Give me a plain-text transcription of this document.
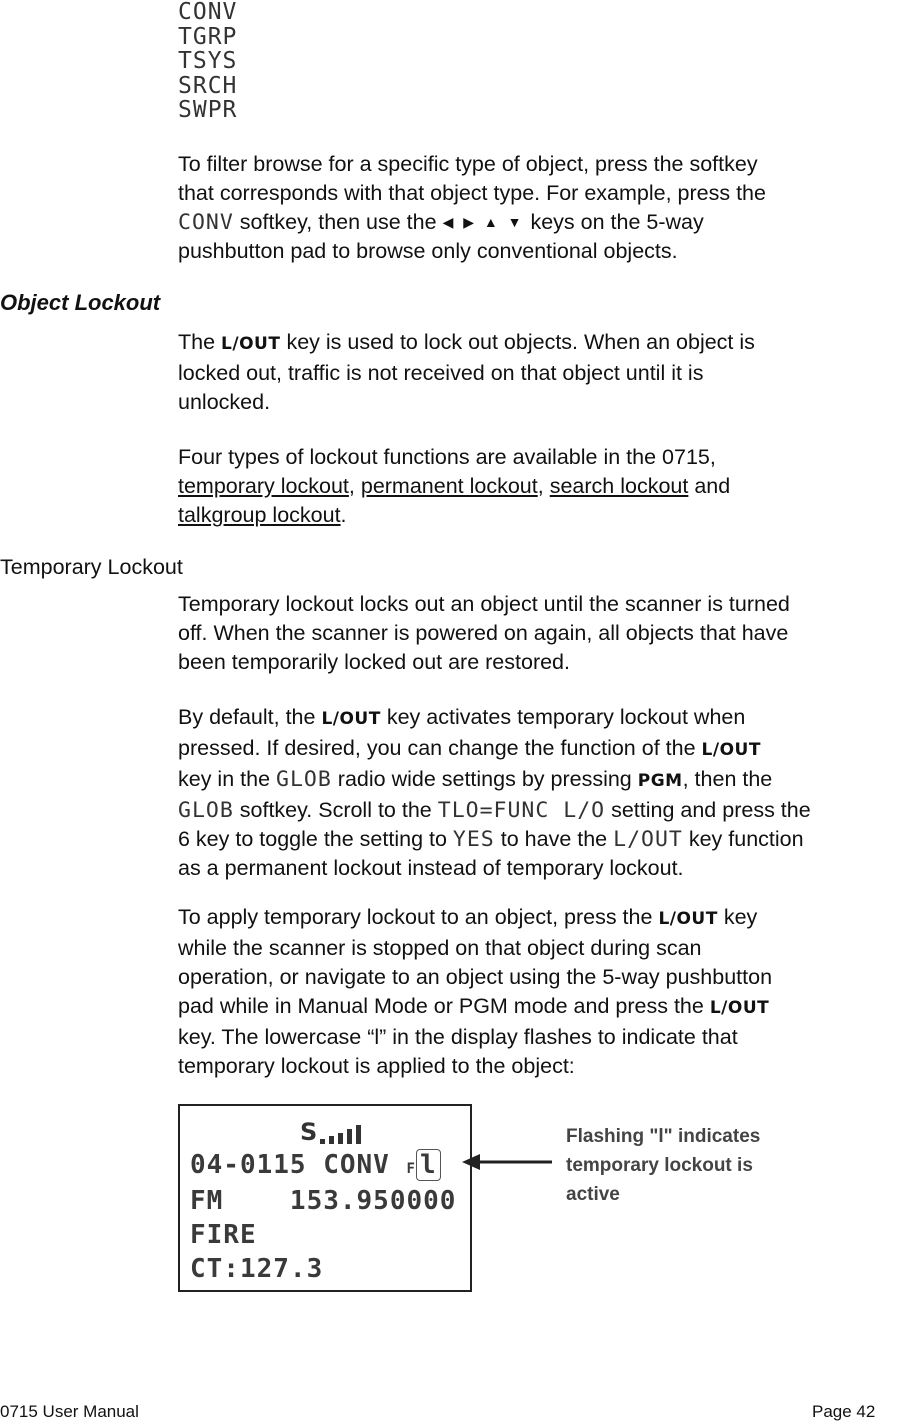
CONV
TGRP
TSYS
SRCH
SWPR

To filter browse for a specific type of object, press the softkey
that corresponds with that object type. For example, press the
CONV softkey, then use the ◀ ▶ ▲ ▼ keys on the 5-way
pushbutton pad to browse only conventional objects.

Object Lockout

The L/OUT key is used to lock out objects. When an object is
locked out, traffic is not received on that object until it is
unlocked.

Four types of lockout functions are available in the 0715,
temporary lockout, permanent lockout, search lockout and
talkgroup lockout.

Temporary Lockout

Temporary lockout locks out an object until the scanner is turned
off. When the scanner is powered on again, all objects that have
been temporarily locked out are restored.

By default, the L/OUT key activates temporary lockout when
pressed. If desired, you can change the function of the L/OUT
key in the GLOB radio wide settings by pressing PGM, then the
GLOB softkey. Scroll to the TLO=FUNC L/O setting and press the
6 key to toggle the setting to YES to have the L/OUT key function
as a permanent lockout instead of temporary lockout.

To apply temporary lockout to an object, press the L/OUT key
while the scanner is stopped on that object during scan
operation, or navigate to an object using the 5-way pushbutton
pad while in Manual Mode or PGM mode and press the L/OUT
key. The lowercase “l” in the display flashes to indicate that
temporary lockout is applied to the object:

S
04-0115 CONV F l
FM    153.950000
FIRE
CT:127.3
Flashing "l" indicates
temporary lockout is
active
0715 User Manual	Page 42
